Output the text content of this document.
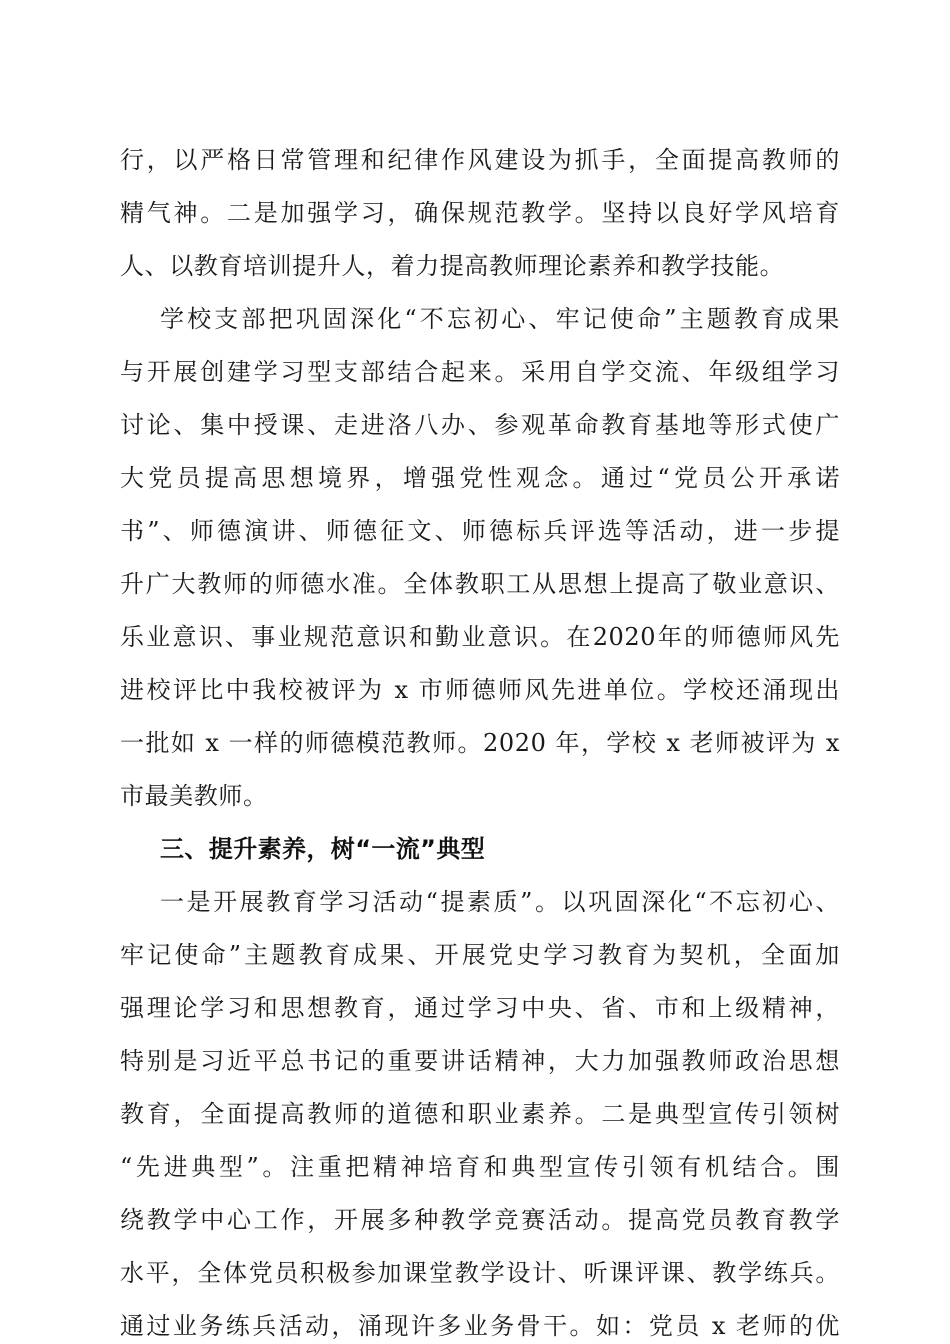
行，以严格日常管理和纪律作风建设为抓手，全面提高教师的
精气神。二是加强学习，确保规范教学。坚持以良好学风培育
人、以教育培训提升人，着力提高教师理论素养和教学技能。
学校支部把巩固深化“不忘初心、牢记使命”主题教育成果
与开展创建学习型支部结合起来。采用自学交流、年级组学习
讨论、集中授课、走进洛八办、参观革命教育基地等形式使广
大党员提高思想境界，增强党性观念。通过“党员公开承诺
书”、师德演讲、师德征文、师德标兵评选等活动，进一步提
升广大教师的师德水准。全体教职工从思想上提高了敬业意识、
乐业意识、事业规范意识和勤业意识。在2020年的师德师风先
进校评比中我校被评为 x 市师德师风先进单位。学校还涌现出
一批如 x 一样的师德模范教师。2020 年，学校 x 老师被评为 x
市最美教师。
三、提升素养，树“一流”典型
一是开展教育学习活动“提素质”。以巩固深化“不忘初心、
牢记使命”主题教育成果、开展党史学习教育为契机，全面加
强理论学习和思想教育，通过学习中央、省、市和上级精神，
特别是习近平总书记的重要讲话精神，大力加强教师政治思想
教育，全面提高教师的道德和职业素养。二是典型宣传引领树
“先进典型”。注重把精神培育和典型宣传引领有机结合。围
绕教学中心工作，开展多种教学竞赛活动。提高党员教育教学
水平，全体党员积极参加课堂教学设计、听课评课、教学练兵。
通过业务练兵活动，涌现许多业务骨干。如：党员 x 老师的优
